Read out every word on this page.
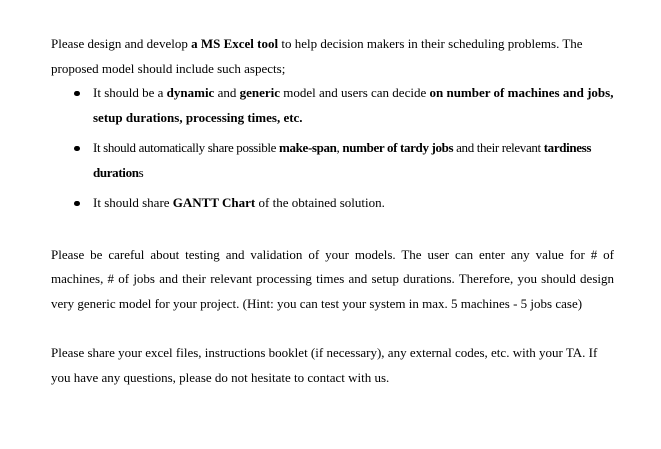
Please design and develop a MS Excel tool to help decision makers in their scheduling problems. The proposed model should include such aspects;

It should be a dynamic and generic model and users can decide on number of machines and jobs, setup durations, processing times, etc.
It should automatically share possible make-span, number of tardy jobs and their relevant tardiness durations
It should share GANTT Chart of the obtained solution.

Please be careful about testing and validation of your models. The user can enter any value for # of machines, # of jobs and their relevant processing times and setup durations. Therefore, you should design very generic model for your project. (Hint: you can test your system in max. 5 machines - 5 jobs case)

Please share your excel files, instructions booklet (if necessary), any external codes, etc. with your TA. If you have any questions, please do not hesitate to contact with us.
